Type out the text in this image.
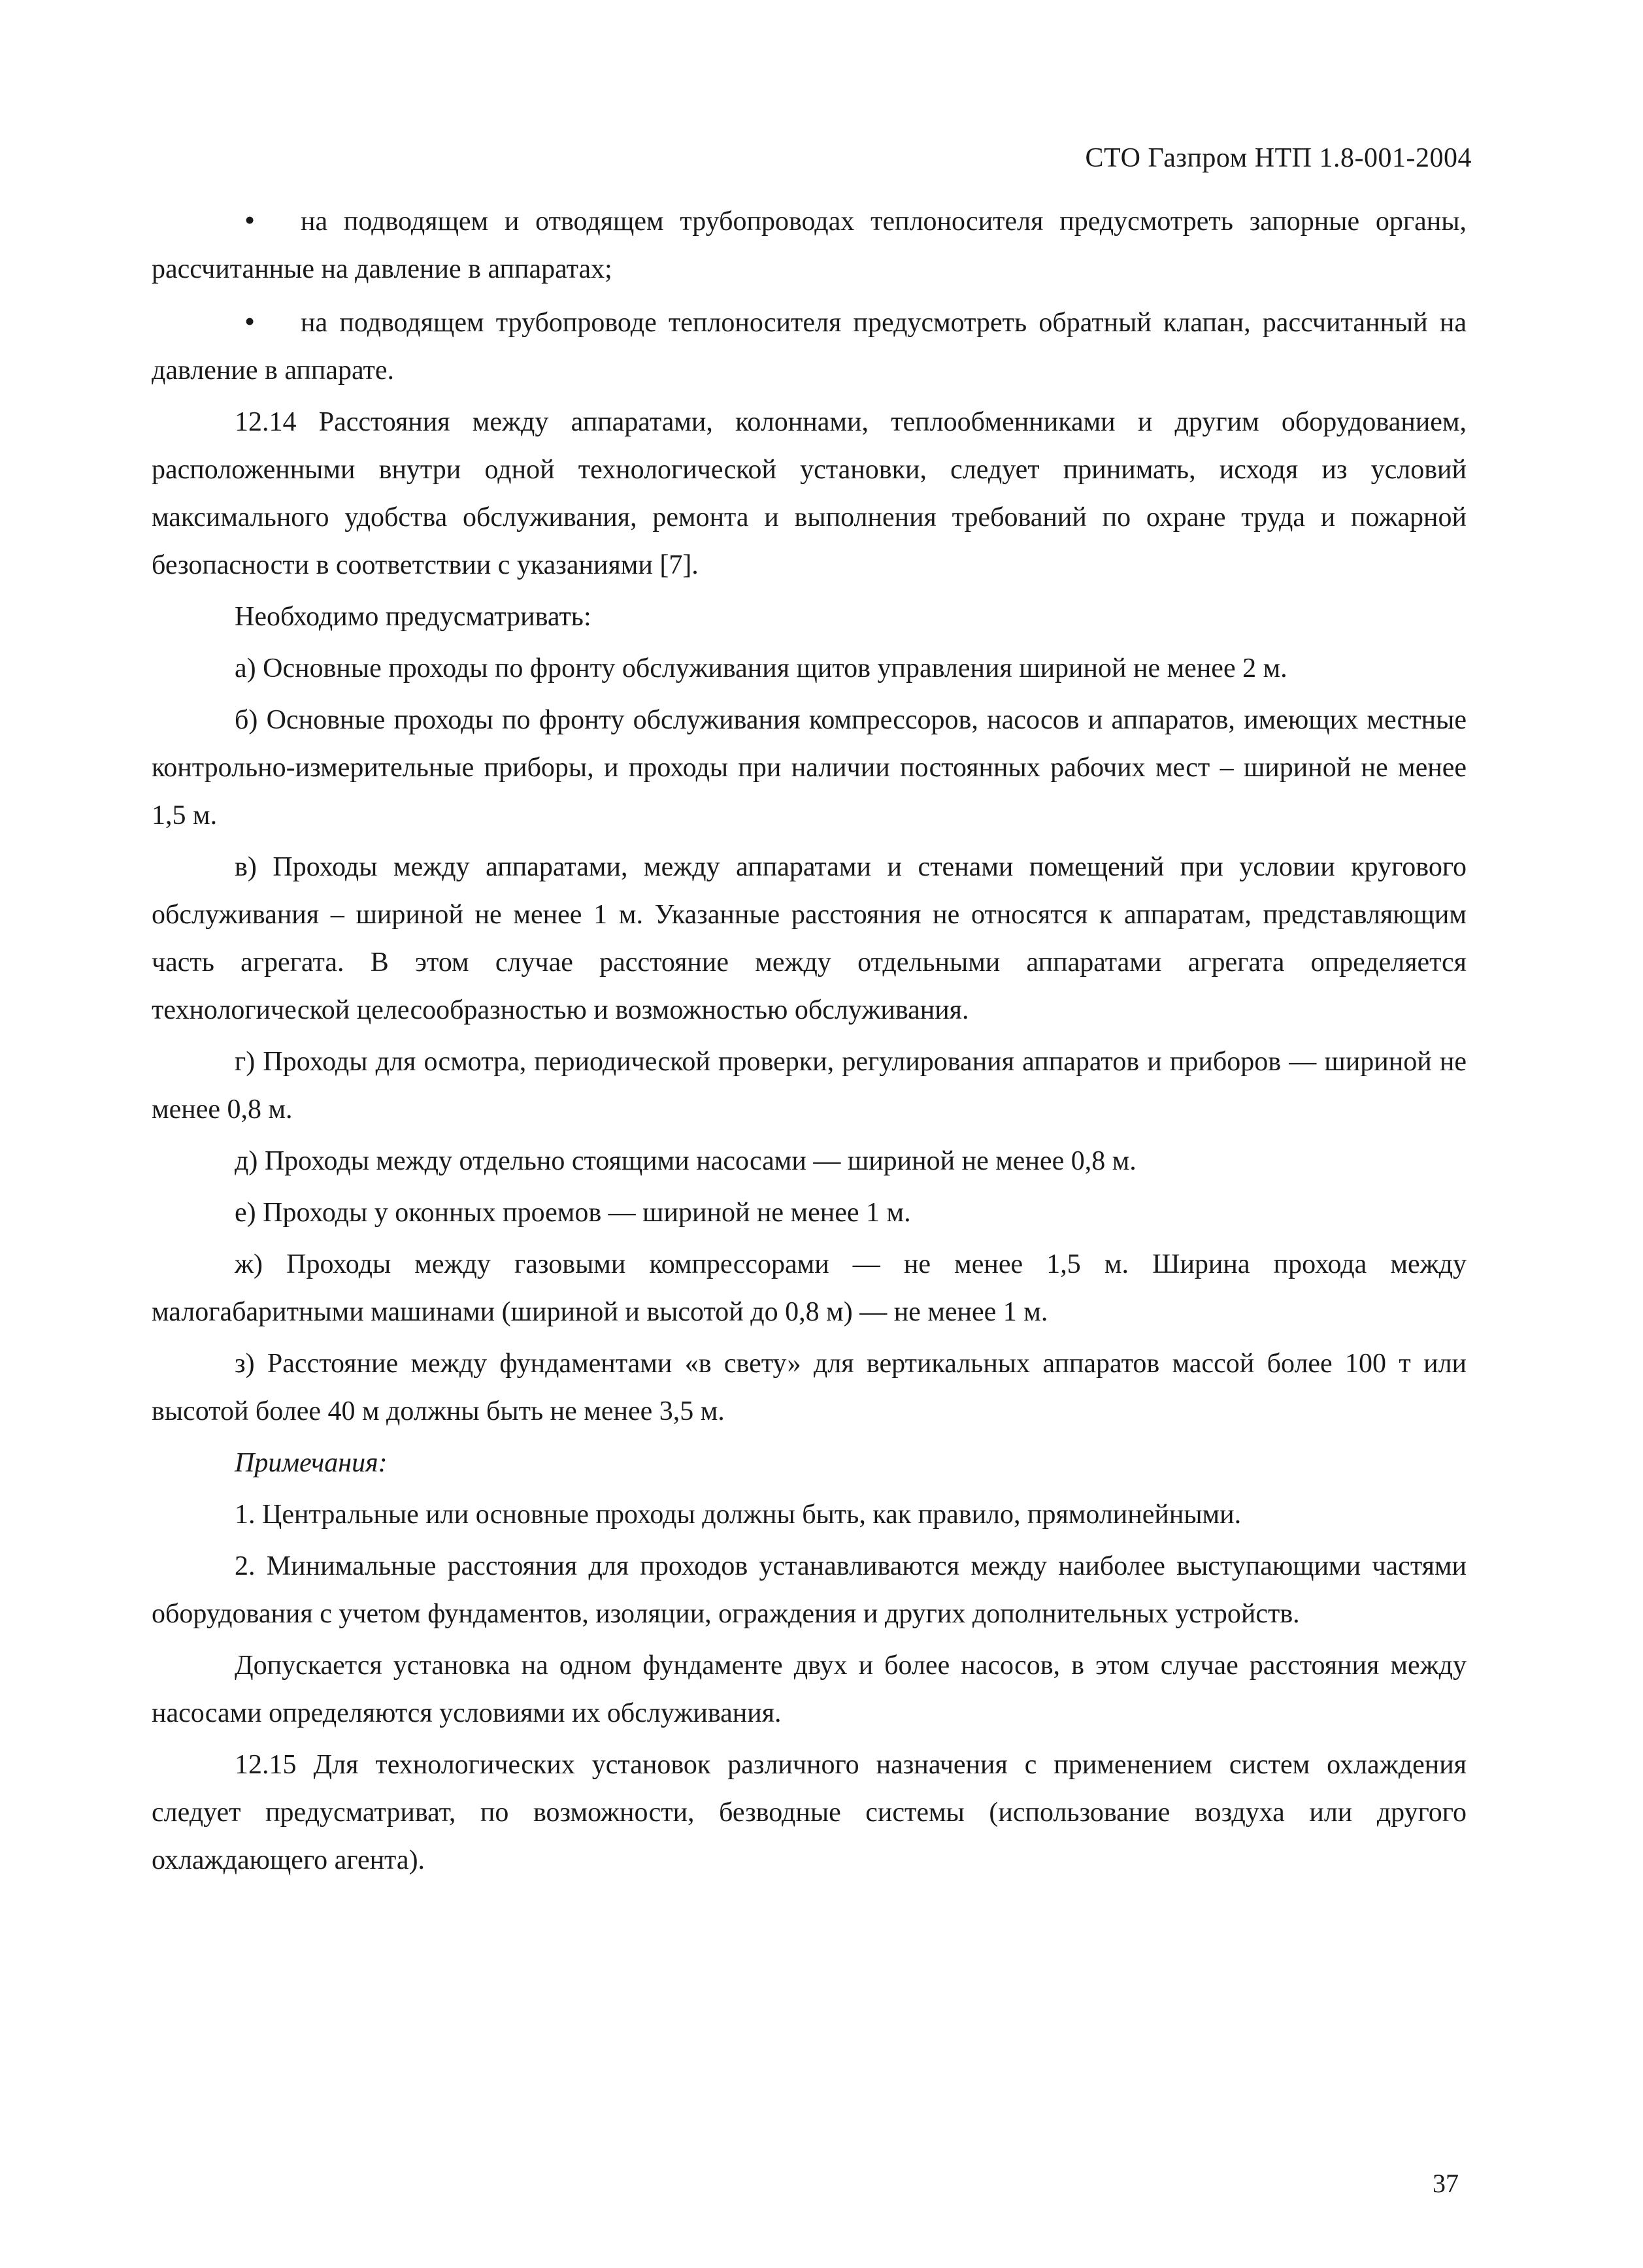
СТО Газпром НТП 1.8-001-2004

• на подводящем и отводящем трубопроводах теплоносителя предусмотреть запорные органы, рассчитанные на давление в аппаратах;

• на подводящем трубопроводе теплоносителя предусмотреть обратный клапан, рассчитанный на давление в аппарате.

12.14 Расстояния между аппаратами, колоннами, теплообменниками и другим оборудованием, расположенными внутри одной технологической установки, следует принимать, исходя из условий максимального удобства обслуживания, ремонта и выполнения требований по охране труда и пожарной безопасности в соответствии с указаниями [7].

Необходимо предусматривать:

а) Основные проходы по фронту обслуживания щитов управления шириной не менее 2 м.

б) Основные проходы по фронту обслуживания компрессоров, насосов и аппаратов, имеющих местные контрольно-измерительные приборы, и проходы при наличии постоянных рабочих мест – шириной не менее 1,5 м.

в) Проходы между аппаратами, между аппаратами и стенами помещений при условии кругового обслуживания – шириной не менее 1 м. Указанные расстояния не относятся к аппаратам, представляющим часть агрегата. В этом случае расстояние между отдельными аппаратами агрегата определяется технологической целесообразностью и возможностью обслуживания.

г) Проходы для осмотра, периодической проверки, регулирования аппаратов и приборов — шириной не менее 0,8 м.

д) Проходы между отдельно стоящими насосами — шириной не менее 0,8 м.

е) Проходы у оконных проемов — шириной не менее 1 м.

ж) Проходы между газовыми компрессорами — не менее 1,5 м. Ширина прохода между малогабаритными машинами (шириной и высотой до 0,8 м) — не менее 1 м.

з) Расстояние между фундаментами «в свету» для вертикальных аппаратов массой более 100 т или высотой более 40 м должны быть не менее 3,5 м.

Примечания:

1. Центральные или основные проходы должны быть, как правило, прямолинейными.

2. Минимальные расстояния для проходов устанавливаются между наиболее выступающими частями оборудования с учетом фундаментов, изоляции, ограждения и других дополнительных устройств.

Допускается установка на одном фундаменте двух и более насосов, в этом случае расстояния между насосами определяются условиями их обслуживания.

12.15 Для технологических установок различного назначения с применением систем охлаждения следует предусматриват, по возможности, безводные системы (использование воздуха или другого охлаждающего агента).

37
